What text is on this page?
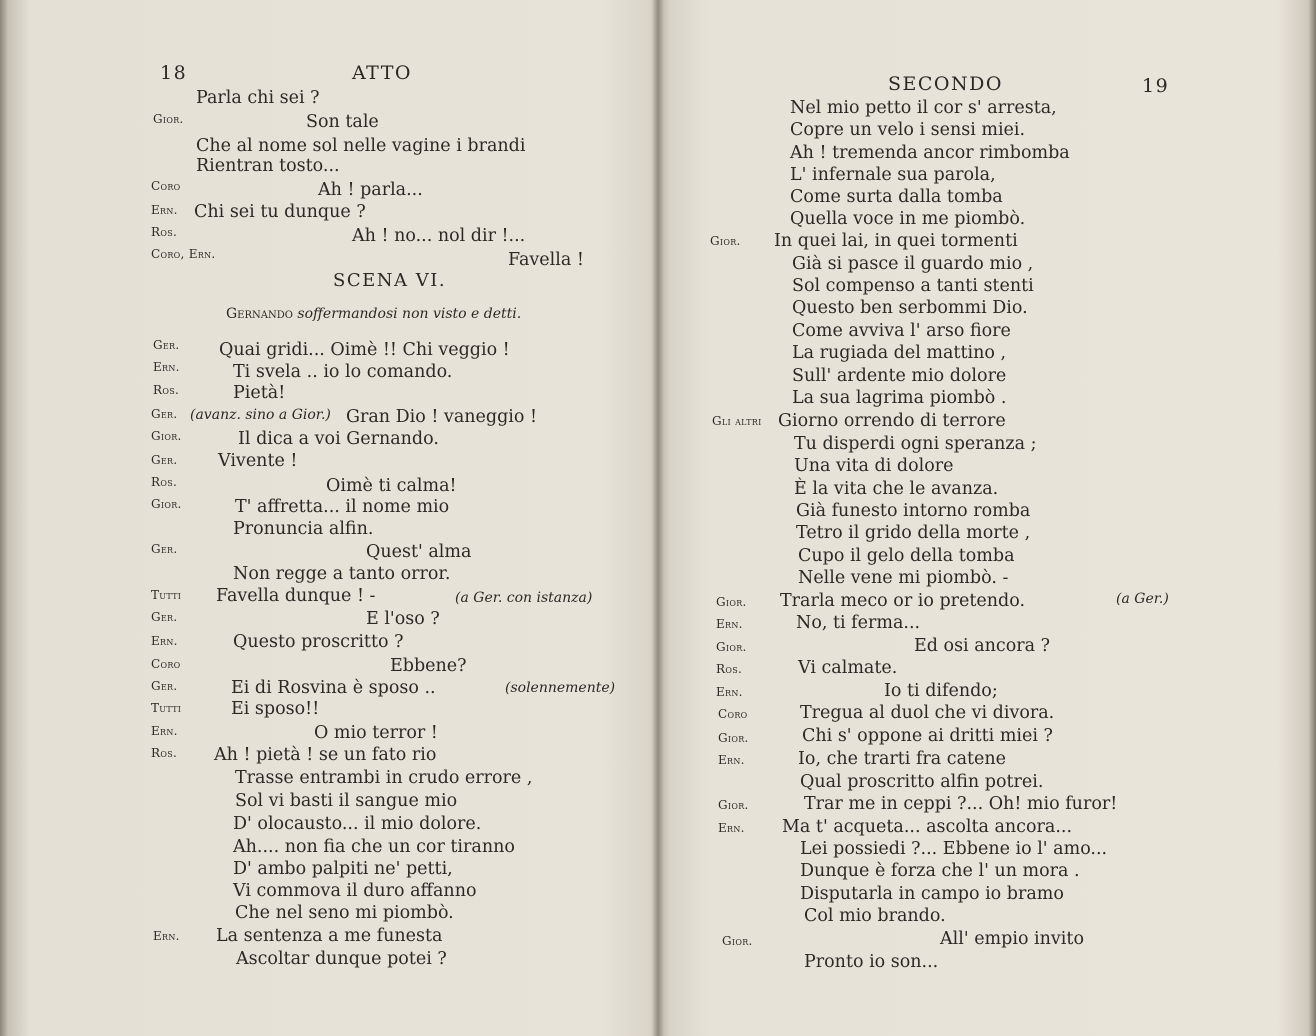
18	ATTO
Parla chi sei ?
Gior.	Son tale
Che al nome sol nelle vagine i brandi
Rientran tosto...
Coro	Ah ! parla...
Ern. Chi sei tu dunque ?
Ros.	Ah ! no... nol dir !...
Coro, Ern.	Favella !
SCENA VI.
Gernando soffermandosi non visto e detti.
Ger. Quai gridi... Oimè !! Chi veggio !
Ern.	Ti svela .. io lo comando.
Ros.	Pietà!
Ger. (avanz. sino a Gior.) Gran Dio ! vaneggio !
Gior.	Il dica a voi Gernando.
Ger. Vivente !
Ros.	Oimè ti calma!
Gior.	T' affretta... il nome mio
Pronuncia alfin.
Ger.	Quest' alma
Non regge a tanto orror.
Tutti Favella dunque ! -	(a Ger. con istanza)
Ger.	E l'oso ?
Ern.	Questo proscritto ?
Coro	Ebbene?
Ger.	Ei di Rosvina è sposo ..	(solennemente)
Tutti	Ei sposo!!
Ern.	O mio terror !
Ros. Ah ! pietà ! se un fato rio
Trasse entrambi in crudo errore ,
Sol vi basti il sangue mio
D' olocausto... il mio dolore.
Ah.... non fia che un cor tiranno
D' ambo palpiti ne' petti,
Vi commova il duro affanno
Che nel seno mi piombò.
Ern. La sentenza a me funesta
Ascoltar dunque potei ?
SECONDO	19
Nel mio petto il cor s' arresta,
Copre un velo i sensi miei.
Ah ! tremenda ancor rimbomba
L' infernale sua parola,
Come surta dalla tomba
Quella voce in me piombò.
Gior. In quei lai, in quei tormenti
Già si pasce il guardo mio ,
Sol compenso a tanti stenti
Questo ben serbommi Dio.
Come avviva l' arso fiore
La rugiada del mattino ,
Sull' ardente mio dolore
La sua lagrima piombò .
Gli altri Giorno orrendo di terrore
Tu disperdi ogni speranza ;
Una vita di dolore
È la vita che le avanza.
Già funesto intorno romba
Tetro il grido della morte ,
Cupo il gelo della tomba
Nelle vene mi piombò. -
Gior. Trarla meco or io pretendo.	(a Ger.)
Ern.	No, ti ferma...
Gior.	Ed osi ancora ?
Ros.	Vi calmate.
Ern.	Io ti difendo;
Coro	Tregua al duol che vi divora.
Gior.	Chi s' oppone ai dritti miei ?
Ern.	Io, che trarti fra catene
Qual proscritto alfin potrei.
Gior.	Trar me in ceppi ?... Oh! mio furor!
Ern. Ma t' acqueta... ascolta ancora...
Lei possiedi ?... Ebbene io l' amo...
Dunque è forza che l' un mora .
Disputarla in campo io bramo
Col mio brando.
Gior.	All' empio invito
Pronto io son...
